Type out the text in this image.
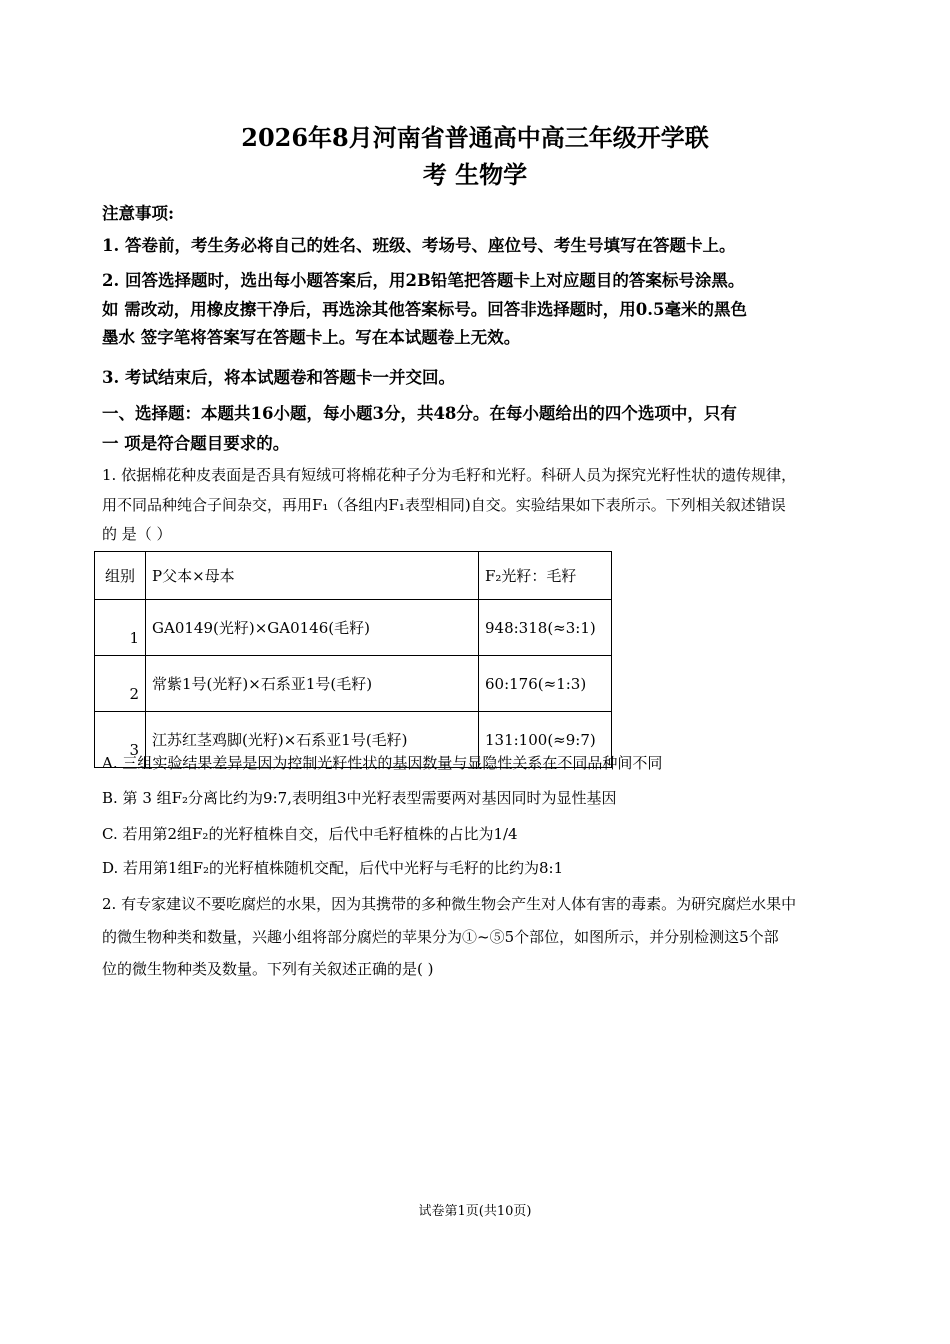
2026年8月河南省普通高中高三年级开学联
考 生物学
注意事项:
1. 答卷前，考生务必将自己的姓名、班级、考场号、座位号、考生号填写在答题卡上。
2. 回答选择题时，选出每小题答案后，用2B铅笔把答题卡上对应题目的答案标号涂黑。
如 需改动，用橡皮擦干净后，再选涂其他答案标号。回答非选择题时，用0.5毫米的黑色
墨水 签字笔将答案写在答题卡上。写在本试题卷上无效。
3. 考试结束后，将本试题卷和答题卡一并交回。
一、选择题：本题共16小题，每小题3分，共48分。在每小题给出的四个选项中，只有
一 项是符合题目要求的。
1. 依据棉花种皮表面是否具有短绒可将棉花种子分为毛籽和光籽。科研人员为探究光籽性状的遗传规律，
用不同品种纯合子间杂交，再用F₁（各组内F₁表型相同)自交。实验结果如下表所示。下列相关叙述错误
的 是（ ）
组别	P父本×母本	F₂光籽：毛籽
1	GA0149(光籽)×GA0146(毛籽)	948:318(≈3:1)
2	常紫1号(光籽)×石系亚1号(毛籽)	60:176(≈1:3)
3	江苏红茎鸡脚(光籽)×石系亚1号(毛籽)	131:100(≈9:7)
A. 三组实验结果差异是因为控制光籽性状的基因数量与显隐性关系在不同品种间不同
B. 第 3 组F₂分离比约为9:7,表明组3中光籽表型需要两对基因同时为显性基因
C. 若用第2组F₂的光籽植株自交，后代中毛籽植株的占比为1/4
D. 若用第1组F₂的光籽植株随机交配，后代中光籽与毛籽的比约为8:1
2. 有专家建议不要吃腐烂的水果，因为其携带的多种微生物会产生对人体有害的毒素。为研究腐烂水果中
的微生物种类和数量，兴趣小组将部分腐烂的苹果分为①~⑤5个部位，如图所示，并分别检测这5个部
位的微生物种类及数量。下列有关叙述正确的是( )
试卷第1页(共10页)
